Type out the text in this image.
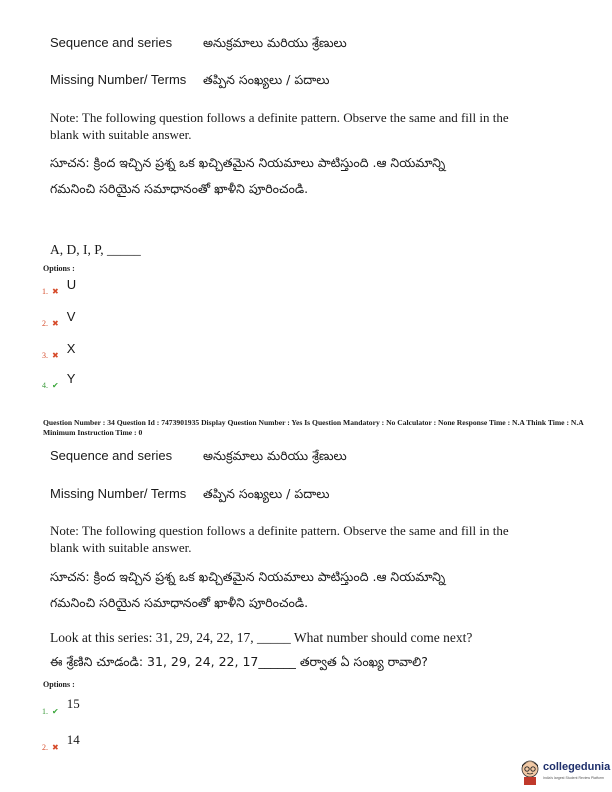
Sequence and series అనుక్రమాలు మరియు శ్రేణులు
Missing Number/ Terms తప్పిన సంఖ్యలు / పదాలు
Note: The following question follows a definite pattern. Observe the same and fill in the blank with suitable answer.
సూచన: క్రింద ఇచ్చిన ప్రశ్న ఒక ఖచ్చితమైన నియమాలు పాటిస్తుంది .ఆ నియమాన్ని
గమనించి సరియైన సమాధానంతో ఖాళీని పూరించండి.
A, D, I, P, _____
Options :
1. ✖ $^U$
2. ✖ $^V$
3. ✖ $^X$
4. ✔ $^Y$
Question Number : 34 Question Id : 7473901935 Display Question Number : Yes Is Question Mandatory : No Calculator : None Response Time : N.A Think Time : N.A Minimum Instruction Time : 0
Sequence and series అనుక్రమాలు మరియు శ్రేణులు
Missing Number/ Terms తప్పిన సంఖ్యలు / పదాలు
Note: The following question follows a definite pattern. Observe the same and fill in the blank with suitable answer.
సూచన: క్రింద ఇచ్చిన ప్రశ్న ఒక ఖచ్చితమైన నియమాలు పాటిస్తుంది .ఆ నియమాన్ని
గమనించి సరియైన సమాధానంతో ఖాళీని పూరించండి.
Look at this series: 31, 29, 24, 22, 17, _____ What number should come next?
ఈ శ్రేణిని చూడండి: 31, 29, 24, 22, 17______ తర్వాత ఏ సంఖ్య రావాలి?
Options :
1. ✔ $^{15}$
2. ✖ $^{14}$
collegedunia
India's largest Student Review Platform
